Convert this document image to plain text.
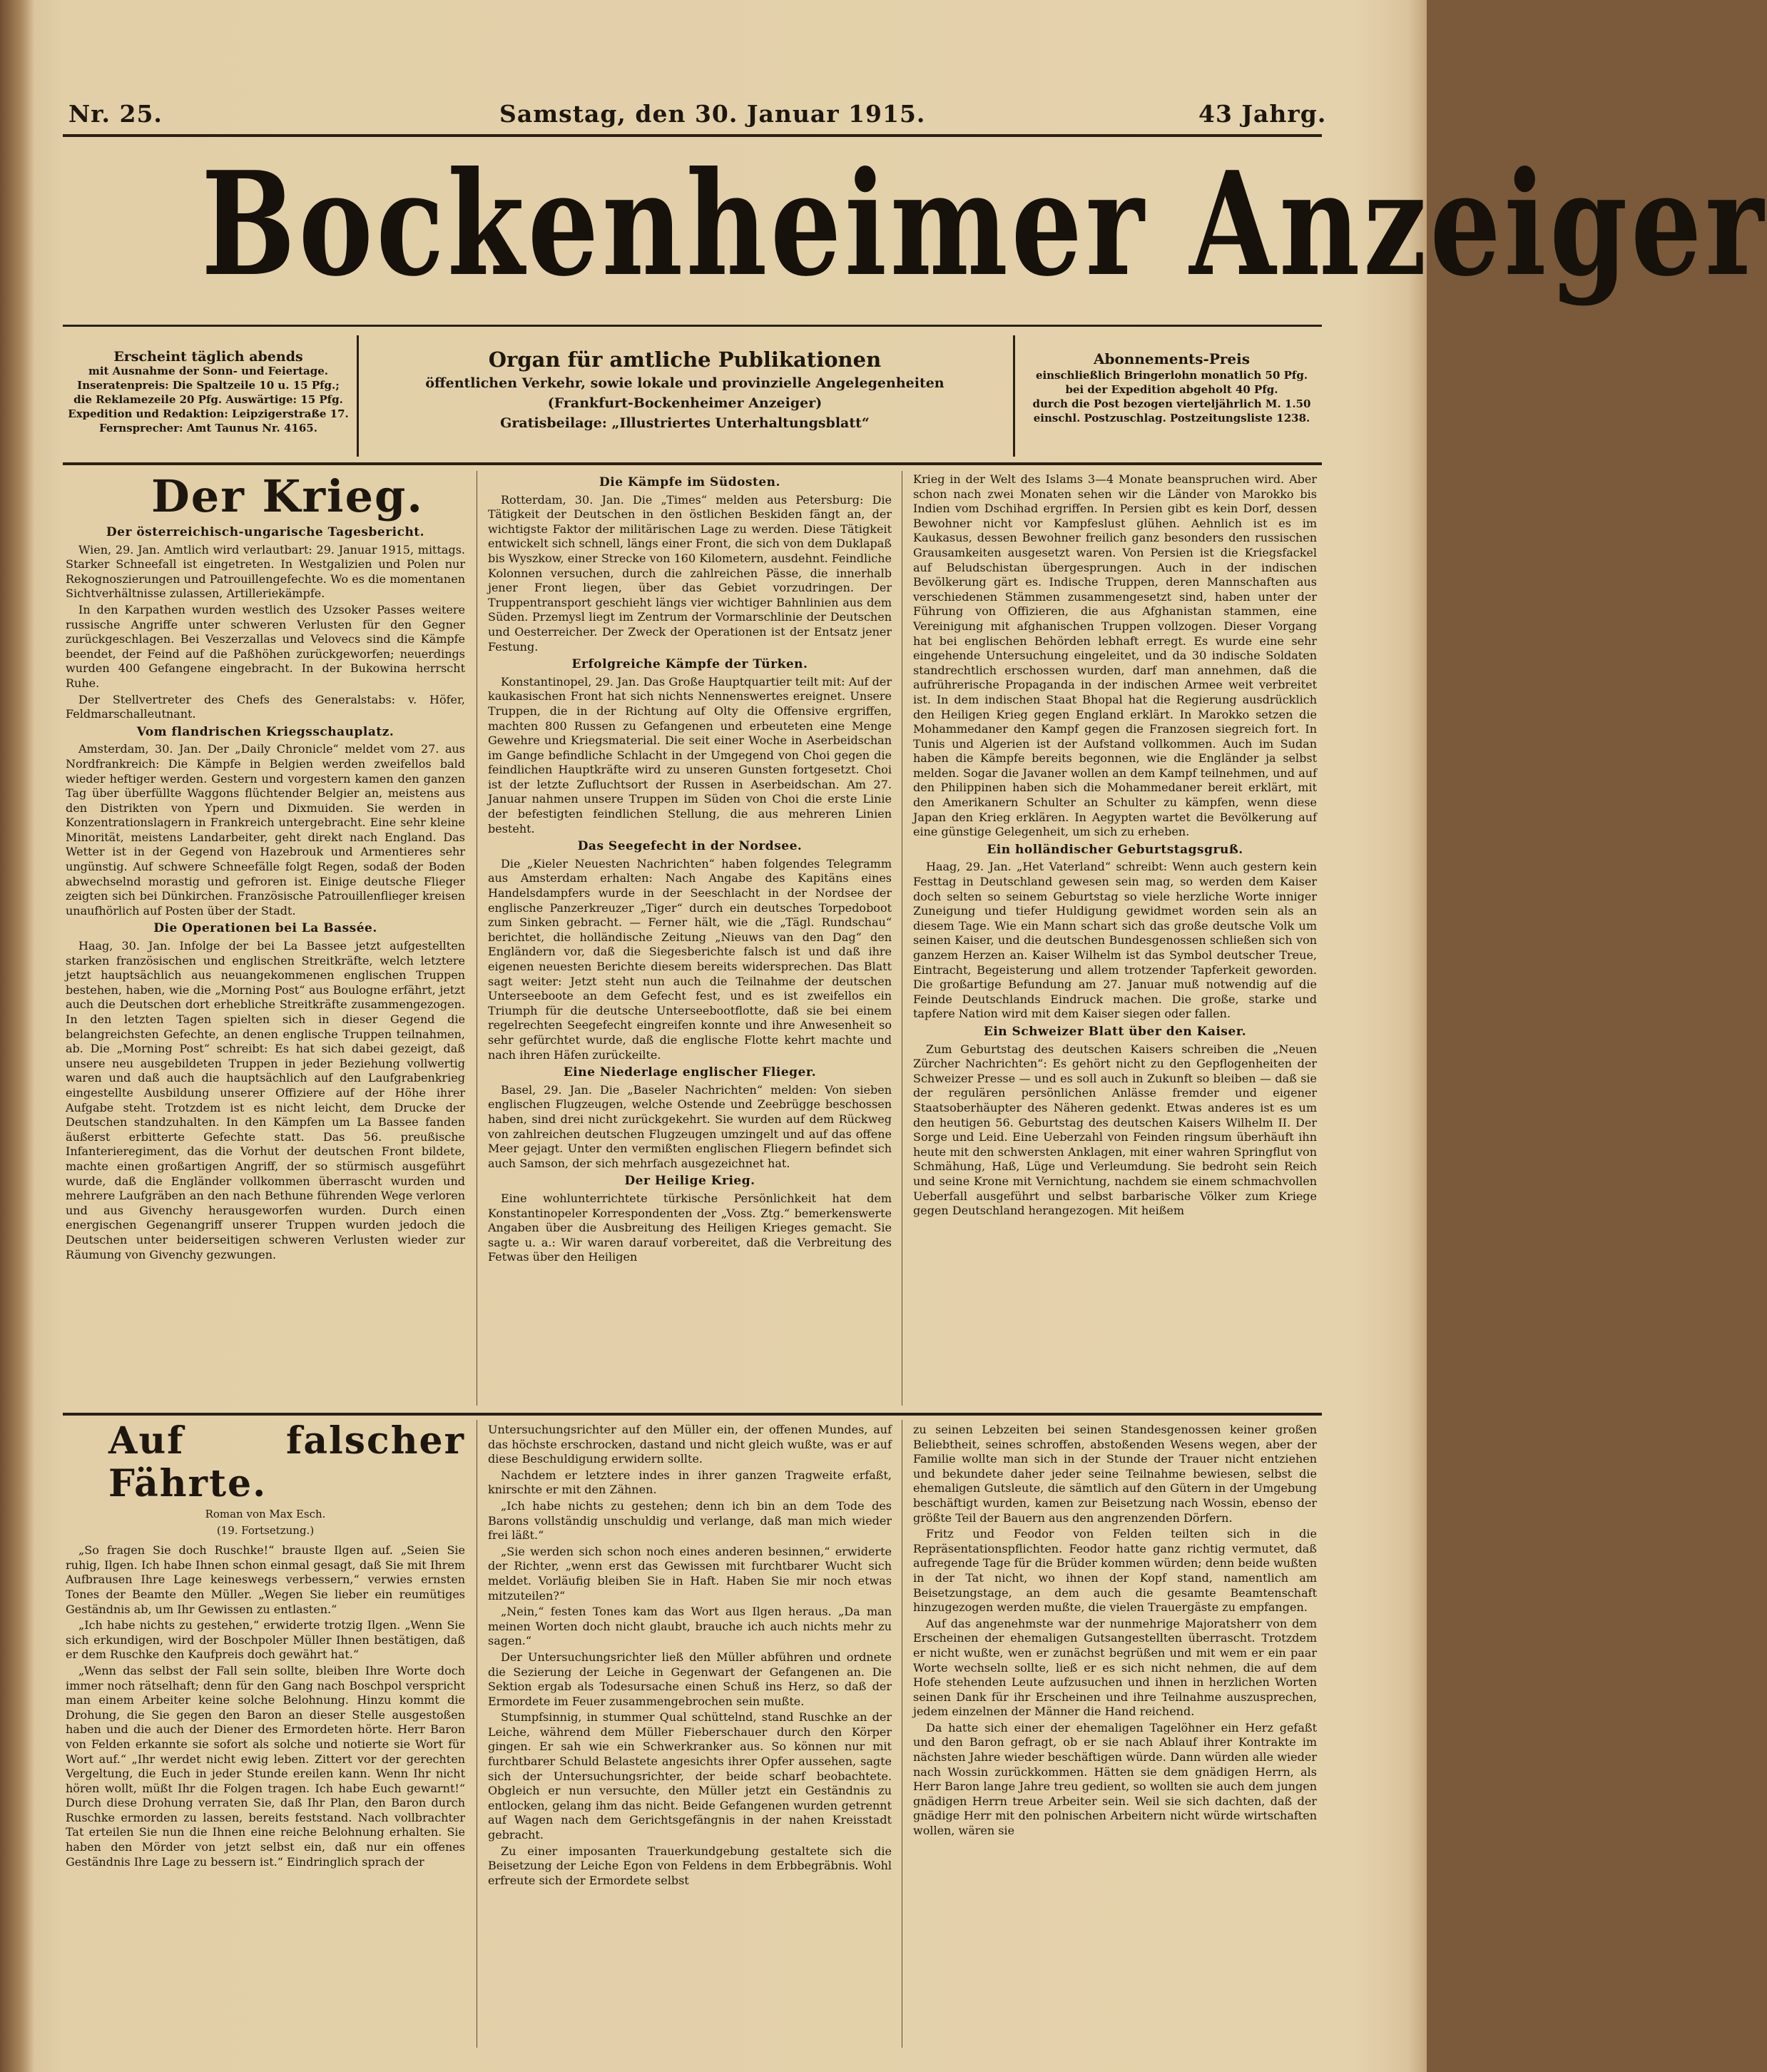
Nr. 25.	Samstag, den 30. Januar 1915.	43 Jahrg.
Bockenheimer Anzeiger
Erscheint täglich abends
mit Ausnahme der Sonn- und Feiertage.
Inseratenpreis: Die Spaltzeile 10 u. 15 Pfg.;
die Reklamezeile 20 Pfg. Auswärtige: 15 Pfg.
Expedition und Redaktion: Leipzigerstraße 17.
Fernsprecher: Amt Taunus Nr. 4165.
Organ für amtliche Publikationen
öffentlichen Verkehr, sowie lokale und provinzielle Angelegenheiten
(Frankfurt-Bockenheimer Anzeiger)
Gratisbeilage: „Illustriertes Unterhaltungsblatt“
Abonnements-Preis
einschließlich Bringerlohn monatlich 50 Pfg.
bei der Expedition abgeholt 40 Pfg.
durch die Post bezogen vierteljährlich M. 1.50
einschl. Postzuschlag. Postzeitungsliste 1238.
Der Krieg.
Der österreichisch-ungarische Tagesbericht.

Wien, 29. Jan. Amtlich wird verlautbart: 29. Januar 1915, mittags. Starker Schneefall ist eingetreten. In Westgalizien und Polen nur Rekognoszierungen und Patrouillengefechte. Wo es die momentanen Sichtverhältnisse zulassen, Artilleriekämpfe.

In den Karpathen wurden westlich des Uzsoker Passes weitere russische Angriffe unter schweren Verlusten für den Gegner zurückgeschlagen. Bei Veszerzallas und Velovecs sind die Kämpfe beendet, der Feind auf die Paßhöhen zurückgeworfen; neuerdings wurden 400 Gefangene eingebracht. In der Bukowina herrscht Ruhe.

Der Stellvertreter des Chefs des Generalstabs: v. Höfer, Feldmarschalleutnant.

Vom flandrischen Kriegsschauplatz.

Amsterdam, 30. Jan. Der „Daily Chronicle“ meldet vom 27. aus Nordfrankreich: Die Kämpfe in Belgien werden zweifellos bald wieder heftiger werden. Gestern und vorgestern kamen den ganzen Tag über überfüllte Waggons flüchtender Belgier an, meistens aus den Distrikten von Ypern und Dixmuiden. Sie werden in Konzentrationslagern in Frankreich untergebracht. Eine sehr kleine Minorität, meistens Landarbeiter, geht direkt nach England. Das Wetter ist in der Gegend von Hazebrouk und Armentieres sehr ungünstig. Auf schwere Schneefälle folgt Regen, sodaß der Boden abwechselnd morastig und gefroren ist. Einige deutsche Flieger zeigten sich bei Dünkirchen. Französische Patrouillenflieger kreisen unaufhörlich auf Posten über der Stadt.

Die Operationen bei La Bassée.

Haag, 30. Jan. Infolge der bei La Bassee jetzt aufgestellten starken französischen und englischen Streitkräfte, welch letztere jetzt hauptsächlich aus neuangekommenen englischen Truppen bestehen, haben, wie die „Morning Post“ aus Boulogne erfährt, jetzt auch die Deutschen dort erhebliche Streitkräfte zusammengezogen. In den letzten Tagen spielten sich in dieser Gegend die belangreichsten Gefechte, an denen englische Truppen teilnahmen, ab. Die „Morning Post“ schreibt: Es hat sich dabei gezeigt, daß unsere neu ausgebildeten Truppen in jeder Beziehung vollwertig waren und daß auch die hauptsächlich auf den Laufgrabenkrieg eingestellte Ausbildung unserer Offiziere auf der Höhe ihrer Aufgabe steht. Trotzdem ist es nicht leicht, dem Drucke der Deutschen standzuhalten. In den Kämpfen um La Bassee fanden äußerst erbitterte Gefechte statt. Das 56. preußische Infanterieregiment, das die Vorhut der deutschen Front bildete, machte einen großartigen Angriff, der so stürmisch ausgeführt wurde, daß die Engländer vollkommen überrascht wurden und mehrere Laufgräben an den nach Bethune führenden Wege verloren und aus Givenchy herausgeworfen wurden. Durch einen energischen Gegenangriff unserer Truppen wurden jedoch die Deutschen unter beiderseitigen schweren Verlusten wieder zur Räumung von Givenchy gezwungen.

Die Kämpfe im Südosten.

Rotterdam, 30. Jan. Die „Times“ melden aus Petersburg: Die Tätigkeit der Deutschen in den östlichen Beskiden fängt an, der wichtigste Faktor der militärischen Lage zu werden. Diese Tätigkeit entwickelt sich schnell, längs einer Front, die sich von dem Duklapaß bis Wyszkow, einer Strecke von 160 Kilometern, ausdehnt. Feindliche Kolonnen versuchen, durch die zahlreichen Pässe, die innerhalb jener Front liegen, über das Gebiet vorzudringen. Der Truppentransport geschieht längs vier wichtiger Bahnlinien aus dem Süden. Przemysl liegt im Zentrum der Vormarschlinie der Deutschen und Oesterreicher. Der Zweck der Operationen ist der Entsatz jener Festung.

Erfolgreiche Kämpfe der Türken.

Konstantinopel, 29. Jan. Das Große Hauptquartier teilt mit: Auf der kaukasischen Front hat sich nichts Nennenswertes ereignet. Unsere Truppen, die in der Richtung auf Olty die Offensive ergriffen, machten 800 Russen zu Gefangenen und erbeuteten eine Menge Gewehre und Kriegsmaterial. Die seit einer Woche in Aserbeidschan im Gange befindliche Schlacht in der Umgegend von Choi gegen die feindlichen Hauptkräfte wird zu unseren Gunsten fortgesetzt. Choi ist der letzte Zufluchtsort der Russen in Aserbeidschan. Am 27. Januar nahmen unsere Truppen im Süden von Choi die erste Linie der befestigten feindlichen Stellung, die aus mehreren Linien besteht.

Das Seegefecht in der Nordsee.

Die „Kieler Neuesten Nachrichten“ haben folgendes Telegramm aus Amsterdam erhalten: Nach Angabe des Kapitäns eines Handelsdampfers wurde in der Seeschlacht in der Nordsee der englische Panzerkreuzer „Tiger“ durch ein deutsches Torpedoboot zum Sinken gebracht. — Ferner hält, wie die „Tägl. Rundschau“ berichtet, die holländische Zeitung „Nieuws van den Dag“ den Engländern vor, daß die Siegesberichte falsch ist und daß ihre eigenen neuesten Berichte diesem bereits widersprechen. Das Blatt sagt weiter: Jetzt steht nun auch die Teilnahme der deutschen Unterseeboote an dem Gefecht fest, und es ist zweifellos ein Triumph für die deutsche Unterseebootflotte, daß sie bei einem regelrechten Seegefecht eingreifen konnte und ihre Anwesenheit so sehr gefürchtet wurde, daß die englische Flotte kehrt machte und nach ihren Häfen zurückeilte.

Eine Niederlage englischer Flieger.

Basel, 29. Jan. Die „Baseler Nachrichten“ melden: Von sieben englischen Flugzeugen, welche Ostende und Zeebrügge beschossen haben, sind drei nicht zurückgekehrt. Sie wurden auf dem Rückweg von zahlreichen deutschen Flugzeugen umzingelt und auf das offene Meer gejagt. Unter den vermißten englischen Fliegern befindet sich auch Samson, der sich mehrfach ausgezeichnet hat.

Der Heilige Krieg.

Eine wohlunterrichtete türkische Persönlichkeit hat dem Konstantinopeler Korrespondenten der „Voss. Ztg.“ bemerkenswerte Angaben über die Ausbreitung des Heiligen Krieges gemacht. Sie sagte u. a.: Wir waren darauf vorbereitet, daß die Verbreitung des Fetwas über den Heiligen

Krieg in der Welt des Islams 3—4 Monate beanspruchen wird. Aber schon nach zwei Monaten sehen wir die Länder von Marokko bis Indien vom Dschihad ergriffen. In Persien gibt es kein Dorf, dessen Bewohner nicht vor Kampfeslust glühen. Aehnlich ist es im Kaukasus, dessen Bewohner freilich ganz besonders den russischen Grausamkeiten ausgesetzt waren. Von Persien ist die Kriegsfackel auf Beludschistan übergesprungen. Auch in der indischen Bevölkerung gärt es. Indische Truppen, deren Mannschaften aus verschiedenen Stämmen zusammengesetzt sind, haben unter der Führung von Offizieren, die aus Afghanistan stammen, eine Vereinigung mit afghanischen Truppen vollzogen. Dieser Vorgang hat bei englischen Behörden lebhaft erregt. Es wurde eine sehr eingehende Untersuchung eingeleitet, und da 30 indische Soldaten standrechtlich erschossen wurden, darf man annehmen, daß die aufrührerische Propaganda in der indischen Armee weit verbreitet ist. In dem indischen Staat Bhopal hat die Regierung ausdrücklich den Heiligen Krieg gegen England erklärt. In Marokko setzen die Mohammedaner den Kampf gegen die Franzosen siegreich fort. In Tunis und Algerien ist der Aufstand vollkommen. Auch im Sudan haben die Kämpfe bereits begonnen, wie die Engländer ja selbst melden. Sogar die Javaner wollen an dem Kampf teilnehmen, und auf den Philippinen haben sich die Mohammedaner bereit erklärt, mit den Amerikanern Schulter an Schulter zu kämpfen, wenn diese Japan den Krieg erklären. In Aegypten wartet die Bevölkerung auf eine günstige Gelegenheit, um sich zu erheben.

Ein holländischer Geburtstagsgruß.

Haag, 29. Jan. „Het Vaterland“ schreibt: Wenn auch gestern kein Festtag in Deutschland gewesen sein mag, so werden dem Kaiser doch selten so seinem Geburtstag so viele herzliche Worte inniger Zuneigung und tiefer Huldigung gewidmet worden sein als an diesem Tage. Wie ein Mann schart sich das große deutsche Volk um seinen Kaiser, und die deutschen Bundesgenossen schließen sich von ganzem Herzen an. Kaiser Wilhelm ist das Symbol deutscher Treue, Eintracht, Begeisterung und allem trotzender Tapferkeit geworden. Die großartige Befundung am 27. Januar muß notwendig auf die Feinde Deutschlands Eindruck machen. Die große, starke und tapfere Nation wird mit dem Kaiser siegen oder fallen.

Ein Schweizer Blatt über den Kaiser.

Zum Geburtstag des deutschen Kaisers schreiben die „Neuen Zürcher Nachrichten“: Es gehört nicht zu den Gepflogenheiten der Schweizer Presse — und es soll auch in Zukunft so bleiben — daß sie der regulären persönlichen Anlässe fremder und eigener Staatsoberhäupter des Näheren gedenkt. Etwas anderes ist es um den heutigen 56. Geburtstag des deutschen Kaisers Wilhelm II. Der Sorge und Leid. Eine Ueberzahl von Feinden ringsum überhäuft ihn heute mit den schwersten Anklagen, mit einer wahren Springflut von Schmähung, Haß, Lüge und Verleumdung. Sie bedroht sein Reich und seine Krone mit Vernichtung, nachdem sie einem schmachvollen Ueberfall ausgeführt und selbst barbarische Völker zum Kriege gegen Deutschland herangezogen. Mit heißem

Auf falscher Fährte.
Roman von Max Esch.
(19. Fortsetzung.)

„So fragen Sie doch Ruschke!“ brauste Ilgen auf. „Seien Sie ruhig, Ilgen. Ich habe Ihnen schon einmal gesagt, daß Sie mit Ihrem Aufbrausen Ihre Lage keineswegs verbessern,“ verwies ernsten Tones der Beamte den Müller. „Wegen Sie lieber ein reumütiges Geständnis ab, um Ihr Gewissen zu entlasten.“

„Ich habe nichts zu gestehen,“ erwiderte trotzig Ilgen. „Wenn Sie sich erkundigen, wird der Boschpoler Müller Ihnen bestätigen, daß er dem Ruschke den Kaufpreis doch gewährt hat.“

„Wenn das selbst der Fall sein sollte, bleiben Ihre Worte doch immer noch rätselhaft; denn für den Gang nach Boschpol verspricht man einem Arbeiter keine solche Belohnung. Hinzu kommt die Drohung, die Sie gegen den Baron an dieser Stelle ausgestoßen haben und die auch der Diener des Ermordeten hörte. Herr Baron von Felden erkannte sie sofort als solche und notierte sie Wort für Wort auf.“ „Ihr werdet nicht ewig leben. Zittert vor der gerechten Vergeltung, die Euch in jeder Stunde ereilen kann. Wenn Ihr nicht hören wollt, müßt Ihr die Folgen tragen. Ich habe Euch gewarnt!“ Durch diese Drohung verraten Sie, daß Ihr Plan, den Baron durch Ruschke ermorden zu lassen, bereits feststand. Nach vollbrachter Tat erteilen Sie nun die Ihnen eine reiche Belohnung erhalten. Sie haben den Mörder von jetzt selbst ein, daß nur ein offenes Geständnis Ihre Lage zu bessern ist.“ Eindringlich sprach der

Untersuchungsrichter auf den Müller ein, der offenen Mundes, auf das höchste erschrocken, dastand und nicht gleich wußte, was er auf diese Beschuldigung erwidern sollte.

Nachdem er letztere indes in ihrer ganzen Tragweite erfaßt, knirschte er mit den Zähnen.

„Ich habe nichts zu gestehen; denn ich bin an dem Tode des Barons vollständig unschuldig und verlange, daß man mich wieder frei läßt.“

„Sie werden sich schon noch eines anderen besinnen,“ erwiderte der Richter, „wenn erst das Gewissen mit furchtbarer Wucht sich meldet. Vorläufig bleiben Sie in Haft. Haben Sie mir noch etwas mitzuteilen?“

„Nein,“ festen Tones kam das Wort aus Ilgen heraus. „Da man meinen Worten doch nicht glaubt, brauche ich auch nichts mehr zu sagen.“

Der Untersuchungsrichter ließ den Müller abführen und ordnete die Sezierung der Leiche in Gegenwart der Gefangenen an. Die Sektion ergab als Todesursache einen Schuß ins Herz, so daß der Ermordete im Feuer zusammengebrochen sein mußte.

Stumpfsinnig, in stummer Qual schüttelnd, stand Ruschke an der Leiche, während dem Müller Fieberschauer durch den Körper gingen. Er sah wie ein Schwerkranker aus. So können nur mit furchtbarer Schuld Belastete angesichts ihrer Opfer aussehen, sagte sich der Untersuchungsrichter, der beide scharf beobachtete. Obgleich er nun versuchte, den Müller jetzt ein Geständnis zu entlocken, gelang ihm das nicht. Beide Gefangenen wurden getrennt auf Wagen nach dem Gerichtsgefängnis in der nahen Kreisstadt gebracht.

Zu einer imposanten Trauerkundgebung gestaltete sich die Beisetzung der Leiche Egon von Feldens in dem Erbbegräbnis. Wohl erfreute sich der Ermordete selbst

zu seinen Lebzeiten bei seinen Standesgenossen keiner großen Beliebtheit, seines schroffen, abstoßenden Wesens wegen, aber der Familie wollte man sich in der Stunde der Trauer nicht entziehen und bekundete daher jeder seine Teilnahme bewiesen, selbst die ehemaligen Gutsleute, die sämtlich auf den Gütern in der Umgebung beschäftigt wurden, kamen zur Beisetzung nach Wossin, ebenso der größte Teil der Bauern aus den angrenzenden Dörfern.

Fritz und Feodor von Felden teilten sich in die Repräsentationspflichten. Feodor hatte ganz richtig vermutet, daß aufregende Tage für die Brüder kommen würden; denn beide wußten in der Tat nicht, wo ihnen der Kopf stand, namentlich am Beisetzungstage, an dem auch die gesamte Beamtenschaft hinzugezogen werden mußte, die vielen Trauergäste zu empfangen.

Auf das angenehmste war der nunmehrige Majoratsherr von dem Erscheinen der ehemaligen Gutsangestellten überrascht. Trotzdem er nicht wußte, wen er zunächst begrüßen und mit wem er ein paar Worte wechseln sollte, ließ er es sich nicht nehmen, die auf dem Hofe stehenden Leute aufzusuchen und ihnen in herzlichen Worten seinen Dank für ihr Erscheinen und ihre Teilnahme auszusprechen, jedem einzelnen der Männer die Hand reichend.

Da hatte sich einer der ehemaligen Tagelöhner ein Herz gefaßt und den Baron gefragt, ob er sie nach Ablauf ihrer Kontrakte im nächsten Jahre wieder beschäftigen würde. Dann würden alle wieder nach Wossin zurückkommen. Hätten sie dem gnädigen Herrn, als Herr Baron lange Jahre treu gedient, so wollten sie auch dem jungen gnädigen Herrn treue Arbeiter sein. Weil sie sich dachten, daß der gnädige Herr mit den polnischen Arbeitern nicht würde wirtschaften wollen, wären sie
